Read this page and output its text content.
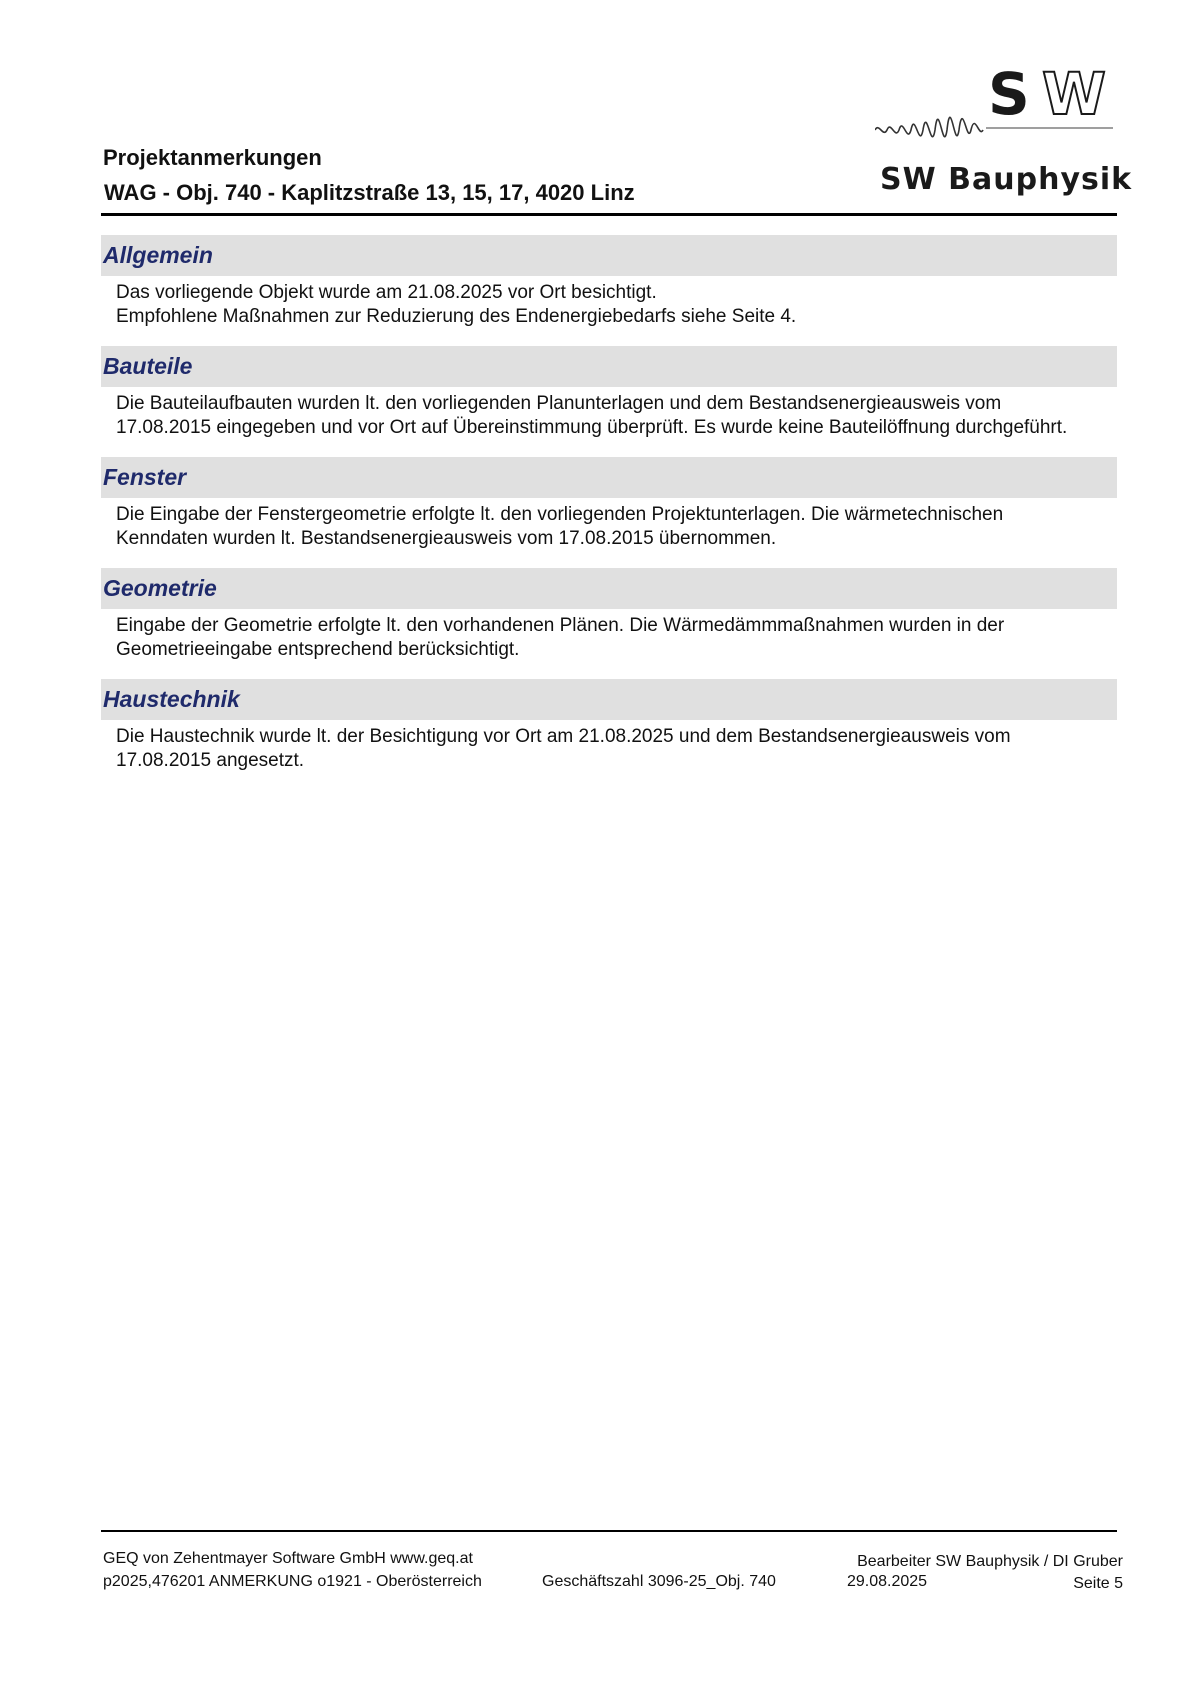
Projektanmerkungen
WAG - Obj. 740 - Kaplitzstraße 13, 15, 17, 4020 Linz
S W
SW Bauphysik
Allgemein
Das vorliegende Objekt wurde am 21.08.2025 vor Ort besichtigt.
Empfohlene Maßnahmen zur Reduzierung des Endenergiebedarfs siehe Seite 4.
Bauteile
Die Bauteilaufbauten wurden lt. den vorliegenden Planunterlagen und dem Bestandsenergieausweis vom
17.08.2015 eingegeben und vor Ort auf Übereinstimmung überprüft. Es wurde keine Bauteilöffnung durchgeführt.
Fenster
Die Eingabe der Fenstergeometrie erfolgte lt. den vorliegenden Projektunterlagen. Die wärmetechnischen
Kenndaten wurden lt. Bestandsenergieausweis vom 17.08.2015 übernommen.
Geometrie
Eingabe der Geometrie erfolgte lt. den vorhandenen Plänen. Die Wärmedämmmaßnahmen wurden in der
Geometrieeingabe entsprechend berücksichtigt.
Haustechnik
Die Haustechnik wurde lt. der Besichtigung vor Ort am 21.08.2025 und dem Bestandsenergieausweis vom
17.08.2015 angesetzt.
GEQ von Zehentmayer Software GmbH www.geq.at
p2025,476201 ANMERKUNG o1921 - Oberösterreich	Geschäftszahl 3096-25_Obj. 740
Bearbeiter SW Bauphysik / DI Gruber
29.08.2025	Seite 5
